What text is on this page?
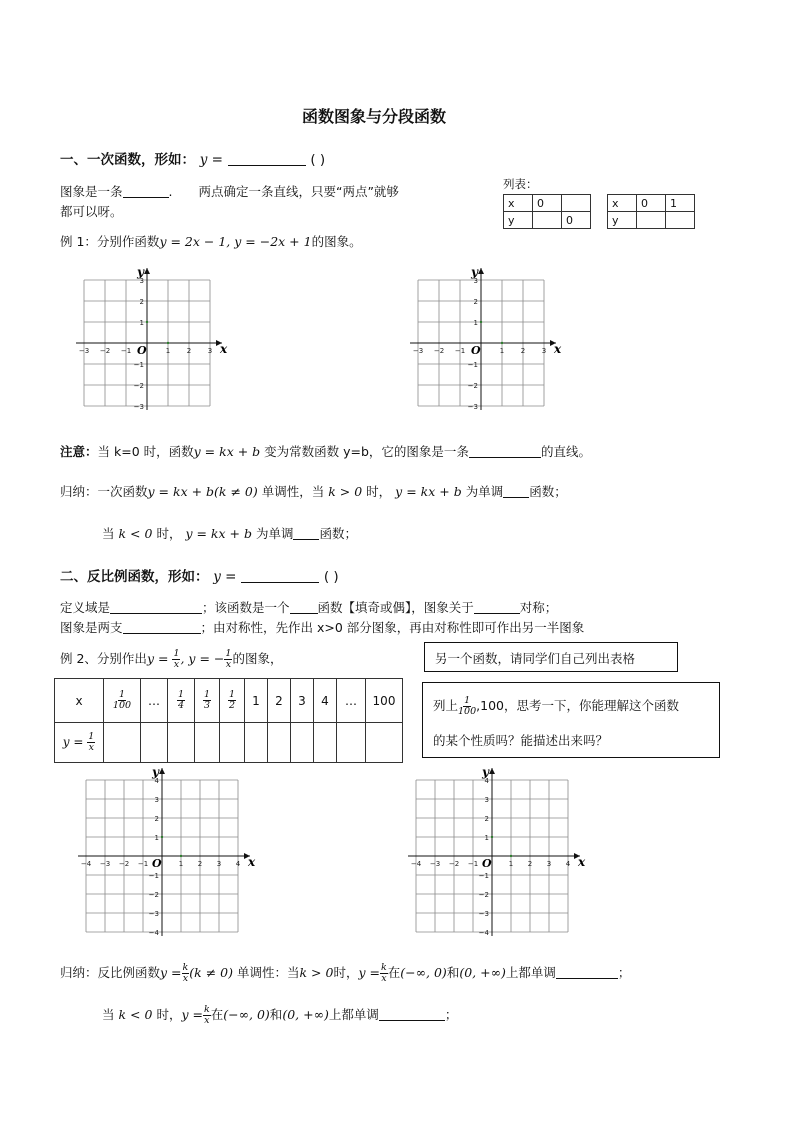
函数图象与分段函数
一、一次函数，形如： y =	( )
图象是一条	. 两点确定一条直线，只要“两点”就够
都可以呀。
列表：
x	0	
y		0
x	0	1
y		
例 1：分别作函数y = 2x − 1, y = −2x + 1的图象。
x
y
O
−3 −2 −1	1 2 3
3
2
1
−1
−2
−3
x
y
O
−3 −2 −1	1 2 3
3
2
1
−1
−2
−3
注意：当 k=0 时，函数y = kx + b 变为常数函数 y=b，它的图象是一条	的直线。
归纳：一次函数y = kx + b(k ≠ 0) 单调性，当 k > 0 时， y = kx + b 为单调 函数；
当 k < 0 时， y = kx + b 为单调 函数；
二、反比例函数，形如： y =	( )
定义域是	；该函数是一个 函数【填奇或偶】，图象关于	对称；
图象是两支	；由对称性，先作出 x>0 部分图象，再由对称性即可作出另一半图象
例 2、分别作出$y = \frac{1}{x}$ , y = − $\frac{1}{x}$ 的图象，	另一个函数，请同学们自己列出表格
列上 $\frac{1}{100} ,100$，思考一下，你能理解这个函数
的某个性质吗？能描述出来吗？
x	$\frac{1}{100}$	…	$\frac{1}{4}$	$\frac{1}{3}$	$\frac{1}{2}$	1	2	3	4	…	100
$y = \frac{1}{x}$

x
y
O
−4 −3 −2 −1	1 2 3 4
4
3
2
1
−1
−2
−3
−4
x
y
O
−4 −3 −2 −1	1 2 3 4
4
3
2
1
−1
−2
−3
−4
归纳：反比例函数$y = \frac{k}{x} (k \ne 0)$ 单调性：当k > 0时，$y = \frac{k}{x}$ 在(−∞, 0)和(0, +∞)上都单调	；
当 k < 0 时，$y = \frac{k}{x}$ 在(−∞, 0)和(0, +∞)上都单调	；
